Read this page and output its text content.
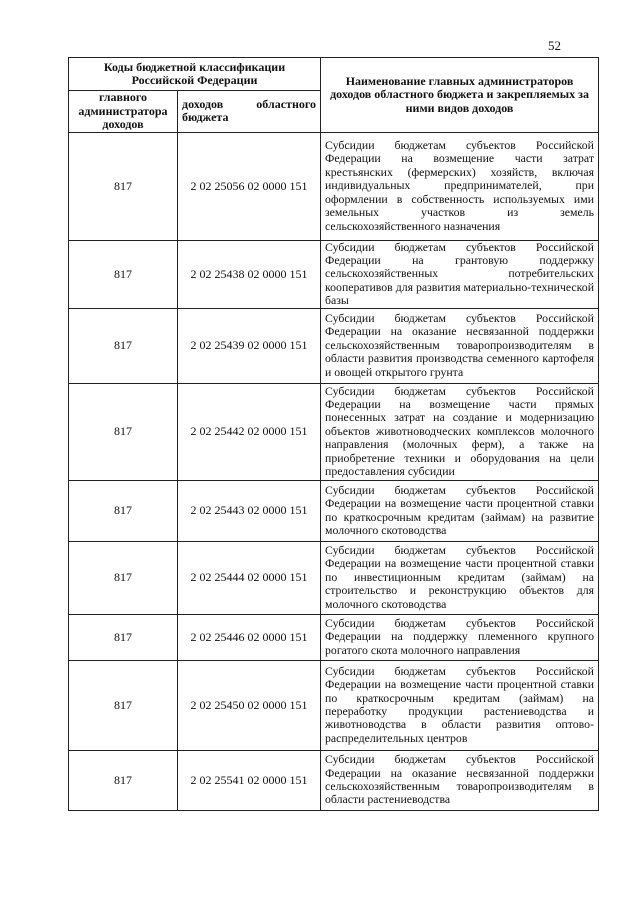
52
Коды бюджетной классификации Российской Федерации		Наименование главных администраторов доходов областного бюджета и закрепляемых за ними видов доходов
главного администратора доходов	доходов областного бюджета	
817	2 02 25056 02 0000 151	Субсидии бюджетам субъектов Российской Федерации на возмещение части затрат крестьянских (фермерских) хозяйств, включая индивидуальных предпринимателей, при оформлении в собственность используемых ими земельных участков из земель сельскохозяйственного назначения
817	2 02 25438 02 0000 151	Субсидии бюджетам субъектов Российской Федерации на грантовую поддержку сельскохозяйственных потребительских кооперативов для развития материально-технической базы
817	2 02 25439 02 0000 151	Субсидии бюджетам субъектов Российской Федерации на оказание несвязанной поддержки сельскохозяйственным товаропроизводителям в области развития производства семенного картофеля и овощей открытого грунта
817	2 02 25442 02 0000 151	Субсидии бюджетам субъектов Российской Федерации на возмещение части прямых понесенных затрат на создание и модернизацию объектов животноводческих комплексов молочного направления (молочных ферм), а также на приобретение техники и оборудования на цели предоставления субсидии
817	2 02 25443 02 0000 151	Субсидии бюджетам субъектов Российской Федерации на возмещение части процентной ставки по краткосрочным кредитам (займам) на развитие молочного скотоводства
817	2 02 25444 02 0000 151	Субсидии бюджетам субъектов Российской Федерации на возмещение части процентной ставки по инвестиционным кредитам (займам) на строительство и реконструкцию объектов для молочного скотоводства
817	2 02 25446 02 0000 151	Субсидии бюджетам субъектов Российской Федерации на поддержку племенного крупного рогатого скота молочного направления
817	2 02 25450 02 0000 151	Субсидии бюджетам субъектов Российской Федерации на возмещение части процентной ставки по краткосрочным кредитам (займам) на переработку продукции растениеводства и животноводства в области развития оптово-распределительных центров
817	2 02 25541 02 0000 151	Субсидии бюджетам субъектов Российской Федерации на оказание несвязанной поддержки сельскохозяйственным товаропроизводителям в области растениеводства
